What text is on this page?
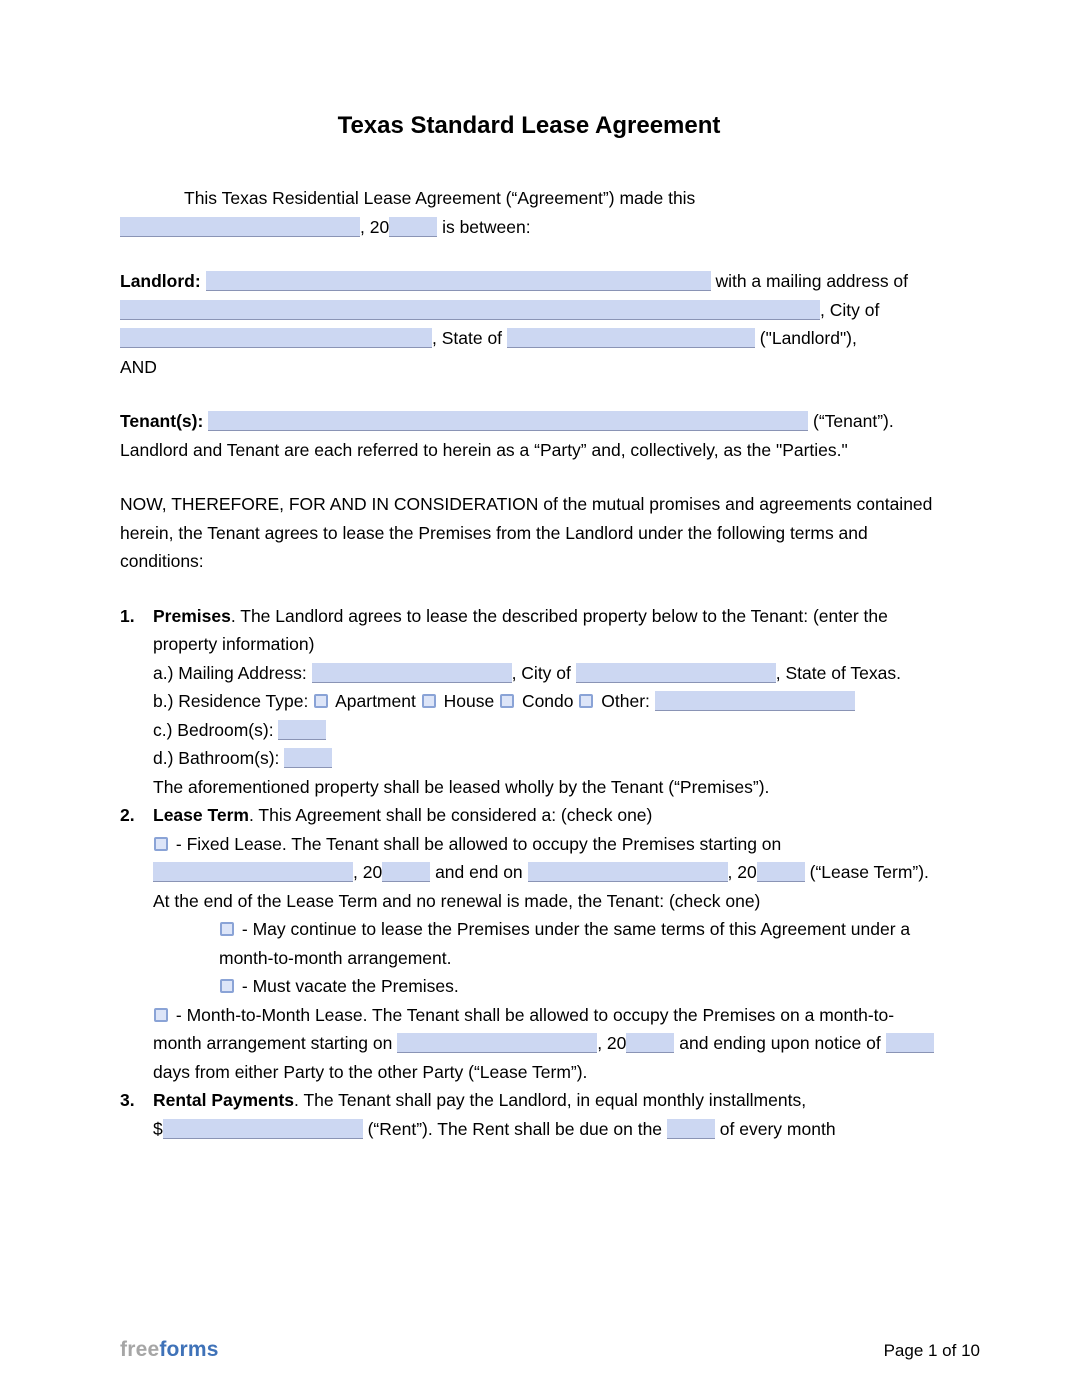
Texas Standard Lease Agreement

This Texas Residential Lease Agreement (“Agreement”) made this , 20	is between:

Landlord:	with a mailing address of , City of , State of	("Landlord"),
AND

Tenant(s):	(“Tenant”). Landlord and Tenant are each referred to herein as a “Party” and, collectively, as the "Parties."

NOW, THEREFORE, FOR AND IN CONSIDERATION of the mutual promises and agreements contained herein, the Tenant agrees to lease the Premises from the Landlord under the following terms and conditions:

1.	Premises. The Landlord agrees to lease the described property below to the Tenant: (enter the property information)

a.) Mailing Address:	, City of	, State of Texas.

b.) Residence Type: Apartment House Condo Other:

c.) Bedroom(s):

d.) Bathroom(s):

The aforementioned property shall be leased wholly by the Tenant (“Premises”).

2.	Lease Term. This Agreement shall be considered a: (check one)

- Fixed Lease. The Tenant shall be allowed to occupy the Premises starting on , 20	and end on	, 20	(“Lease Term”). At the end of the Lease Term and no renewal is made, the Tenant: (check one)

- May continue to lease the Premises under the same terms of this Agreement under a month-to-month arrangement.

- Must vacate the Premises.

- Month-to-Month Lease. The Tenant shall be allowed to occupy the Premises on a month-to-month arrangement starting on	, 20	and ending upon notice of  days from either Party to the other Party (“Lease Term”).

3.	Rental Payments. The Tenant shall pay the Landlord, in equal monthly installments, $	(“Rent”). The Rent shall be due on the	of every month

freeforms	Page 1 of 10
